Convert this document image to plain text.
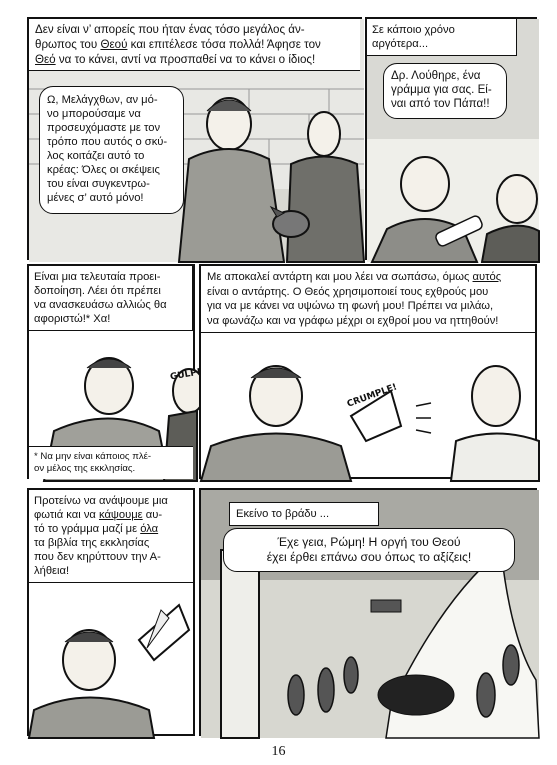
Δεν είναι ν’ απορείς που ήταν ένας τόσο μεγάλος άν-
θρωπος του Θεού και επιτέλεσε τόσα πολλά! Άφησε τον
Θεό να το κάνει, αντί να προσπαθεί να το κάνει ο ίδιος!
Ω, Μελάγχθων, αν μό-
νο μπορούσαμε να
προσευχόμαστε με τον
τρόπο που αυτός ο σκύ-
λος κοιτάζει αυτό το
κρέας: Όλες οι σκέψεις
του είναι συγκεντρω-
μένες σ’ αυτό μόνο!
Σε κάποιο χρόνο αργότερα...
Δρ. Λούθηρε, ένα
γράμμα για σας. Εί-
ναι από τον Πάπα!!
Είναι μια τελευταία προει-
δοποίηση. Λέει ότι πρέπει
να ανασκευάσω αλλιώς θα
αφοριστώ!* Χα!
GULP!
* Να μην είναι κάποιος πλέ-
ον μέλος της εκκλησίας.
Με αποκαλεί αντάρτη και μου λέει να σωπάσω, όμως αυτός
είναι ο αντάρτης. Ο Θεός χρησιμοποιεί τους εχθρούς μου
για να με κάνει να υψώνω τη φωνή μου! Πρέπει να μιλάω,
να φωνάζω και να γράφω μέχρι οι εχθροί μου να ηττηθούν!
CRUMPLE!
Προτείνω να ανάψουμε μια
φωτιά και να κάψουμε αυ-
τό το γράμμα μαζί με όλα
τα βιβλία της εκκλησίας
που δεν κηρύττουν την Α-
λήθεια!
Εκείνο το βράδυ ...
Έχε γεια, Ρώμη! Η οργή του Θεού
έχει έρθει επάνω σου όπως το αξίζεις!
16
